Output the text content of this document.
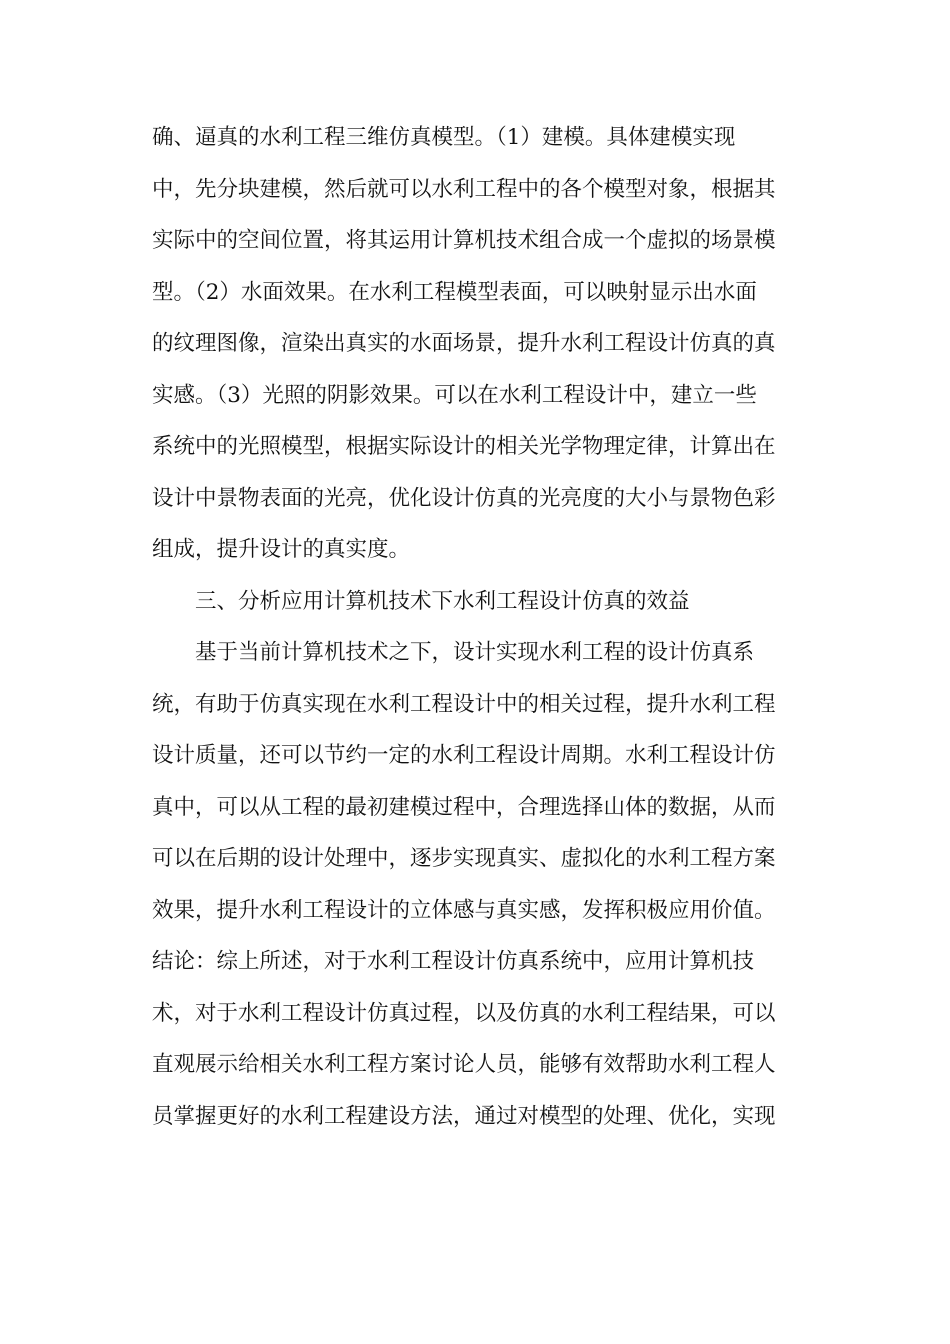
确、逼真的水利工程三维仿真模型。（1）建模。具体建模实现
中，先分块建模，然后就可以水利工程中的各个模型对象，根据其
实际中的空间位置，将其运用计算机技术组合成一个虚拟的场景模
型。（2）水面效果。在水利工程模型表面，可以映射显示出水面
的纹理图像，渲染出真实的水面场景，提升水利工程设计仿真的真
实感。（3）光照的阴影效果。可以在水利工程设计中，建立一些
系统中的光照模型，根据实际设计的相关光学物理定律，计算出在
设计中景物表面的光亮，优化设计仿真的光亮度的大小与景物色彩
组成，提升设计的真实度。
三、分析应用计算机技术下水利工程设计仿真的效益
基于当前计算机技术之下，设计实现水利工程的设计仿真系
统，有助于仿真实现在水利工程设计中的相关过程，提升水利工程
设计质量，还可以节约一定的水利工程设计周期。水利工程设计仿
真中，可以从工程的最初建模过程中，合理选择山体的数据，从而
可以在后期的设计处理中，逐步实现真实、虚拟化的水利工程方案
效果，提升水利工程设计的立体感与真实感，发挥积极应用价值。
结论：综上所述，对于水利工程设计仿真系统中，应用计算机技
术，对于水利工程设计仿真过程，以及仿真的水利工程结果，可以
直观展示给相关水利工程方案讨论人员，能够有效帮助水利工程人
员掌握更好的水利工程建设方法，通过对模型的处理、优化，实现
